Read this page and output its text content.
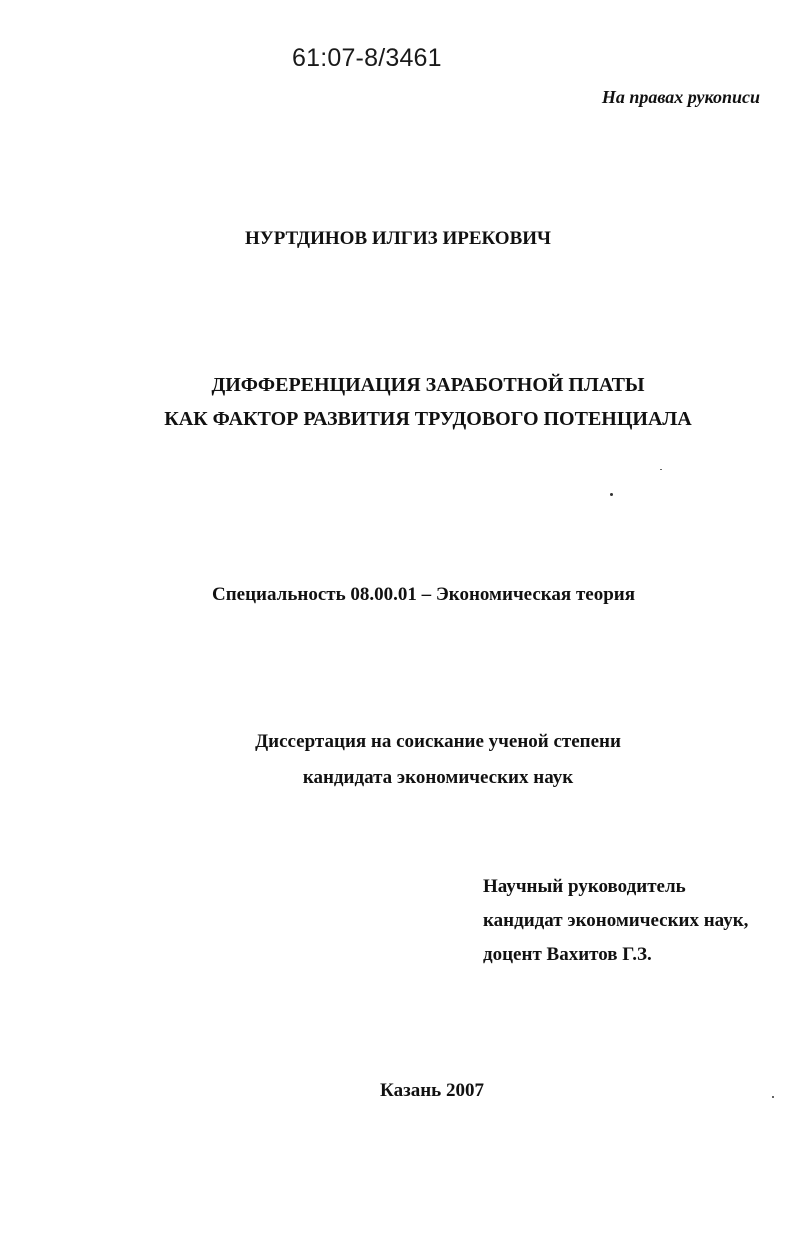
61:07-8/3461
На правах рукописи
НУРТДИНОВ ИЛГИЗ ИРЕКОВИЧ
ДИФФЕРЕНЦИАЦИЯ ЗАРАБОТНОЙ ПЛАТЫ
КАК ФАКТОР РАЗВИТИЯ ТРУДОВОГО ПОТЕНЦИАЛА
Специальность 08.00.01 – Экономическая теория
Диссертация на соискание ученой степени
кандидата экономических наук
Научный руководитель
кандидат экономических наук,
доцент Вахитов Г.З.
Казань 2007
